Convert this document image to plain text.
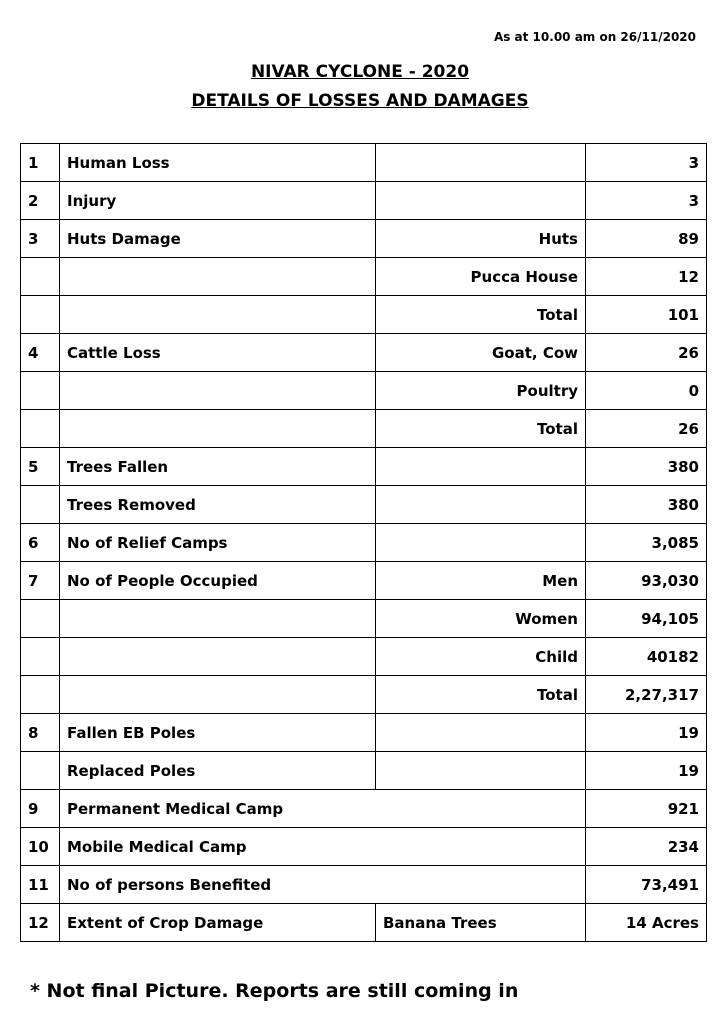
As at 10.00 am on 26/11/2020
NIVAR CYCLONE - 2020
DETAILS OF LOSSES AND DAMAGES
1	Human Loss		3
2	Injury		3
3	Huts Damage	Huts	89
		Pucca House	12
		Total	101
4	Cattle Loss	Goat, Cow	26
		Poultry	0
		Total	26
5	Trees Fallen		380
	Trees Removed		380
6	No of Relief Camps		3,085
7	No of People Occupied	Men	93,030
		Women	94,105
		Child	40182
		Total	2,27,317
8	Fallen EB Poles		19
	Replaced Poles		19
9	Permanent Medical Camp		921
10	Mobile Medical Camp		234
11	No of persons Benefited		73,491
12	Extent of Crop Damage	Banana Trees	14 Acres
* Not final Picture. Reports are still coming in
